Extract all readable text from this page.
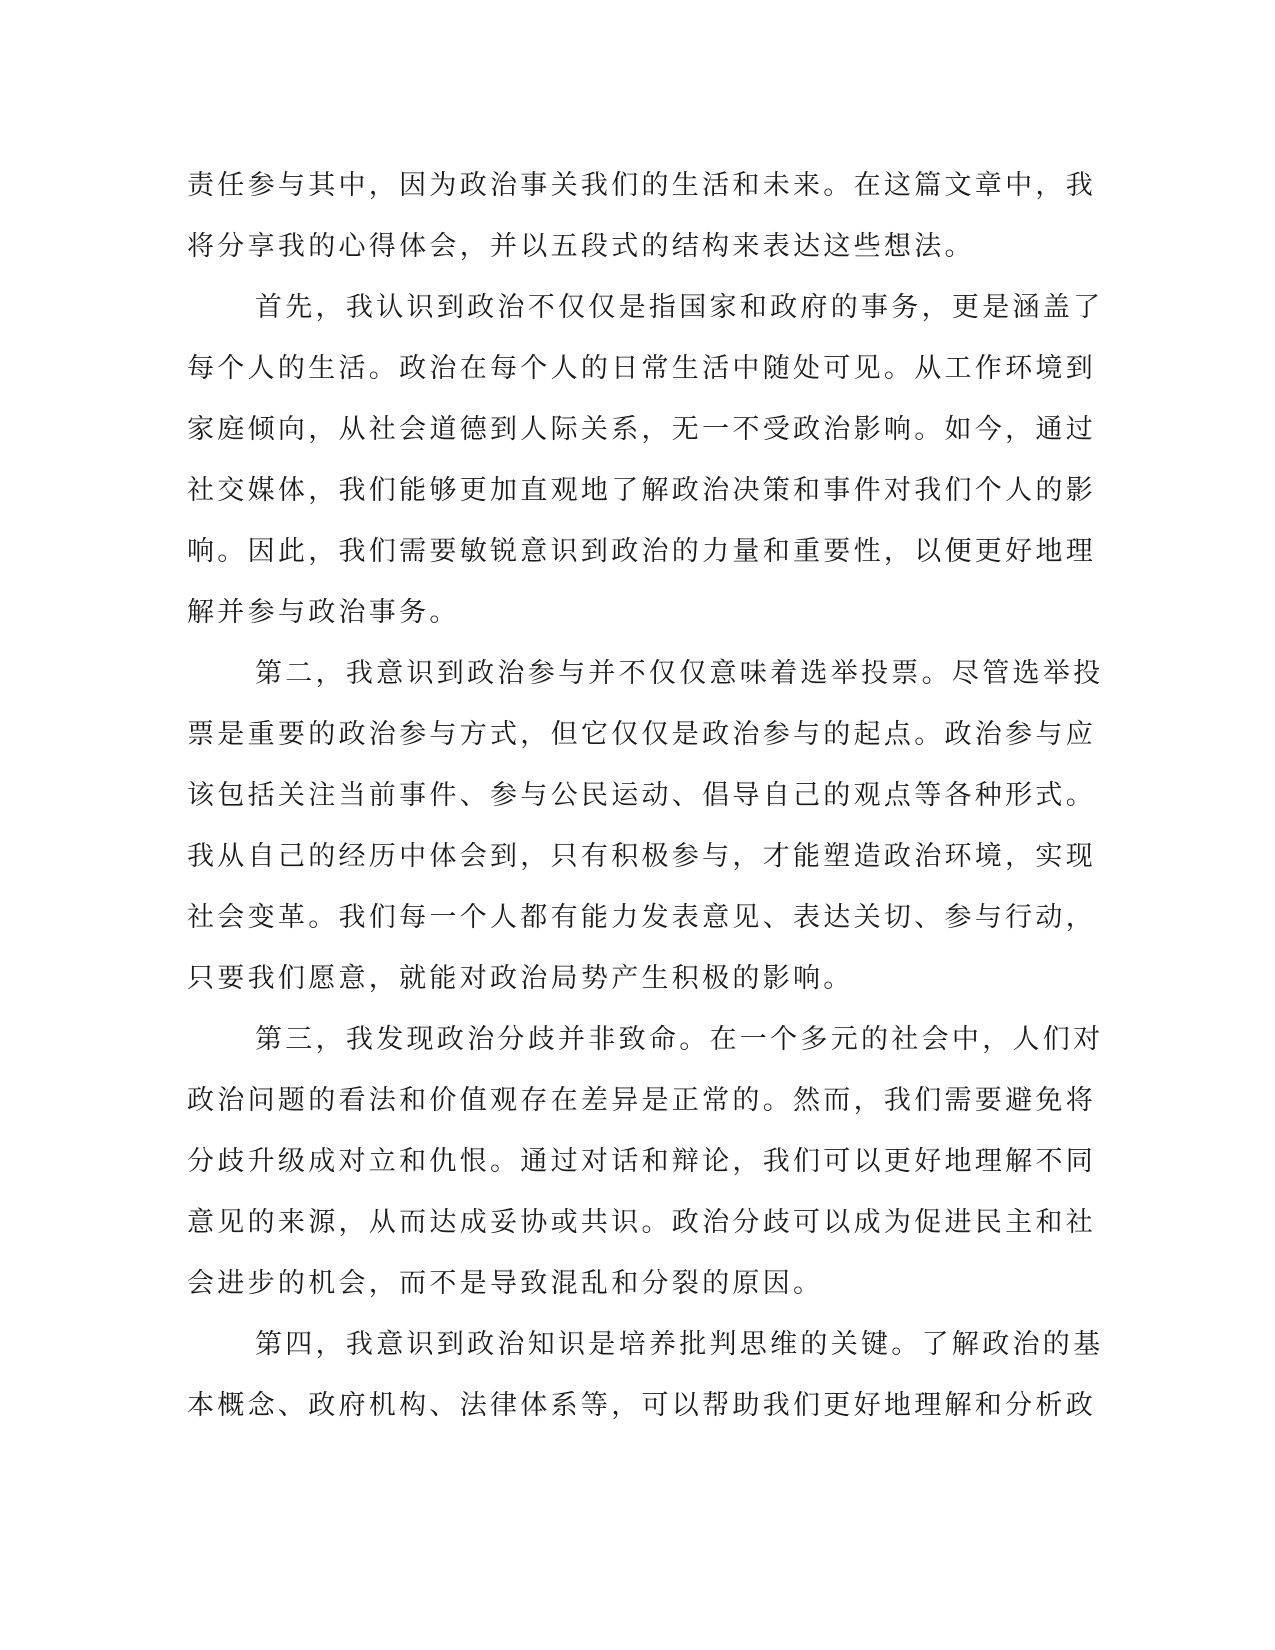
责任参与其中，因为政治事关我们的生活和未来。在这篇文章中，我
将分享我的心得体会，并以五段式的结构来表达这些想法。

首先，我认识到政治不仅仅是指国家和政府的事务，更是涵盖了
每个人的生活。政治在每个人的日常生活中随处可见。从工作环境到
家庭倾向，从社会道德到人际关系，无一不受政治影响。如今，通过
社交媒体，我们能够更加直观地了解政治决策和事件对我们个人的影
响。因此，我们需要敏锐意识到政治的力量和重要性，以便更好地理
解并参与政治事务。

第二，我意识到政治参与并不仅仅意味着选举投票。尽管选举投
票是重要的政治参与方式，但它仅仅是政治参与的起点。政治参与应
该包括关注当前事件、参与公民运动、倡导自己的观点等各种形式。
我从自己的经历中体会到，只有积极参与，才能塑造政治环境，实现
社会变革。我们每一个人都有能力发表意见、表达关切、参与行动，
只要我们愿意，就能对政治局势产生积极的影响。

第三，我发现政治分歧并非致命。在一个多元的社会中，人们对
政治问题的看法和价值观存在差异是正常的。然而，我们需要避免将
分歧升级成对立和仇恨。通过对话和辩论，我们可以更好地理解不同
意见的来源，从而达成妥协或共识。政治分歧可以成为促进民主和社
会进步的机会，而不是导致混乱和分裂的原因。

第四，我意识到政治知识是培养批判思维的关键。了解政治的基
本概念、政府机构、法律体系等，可以帮助我们更好地理解和分析政
